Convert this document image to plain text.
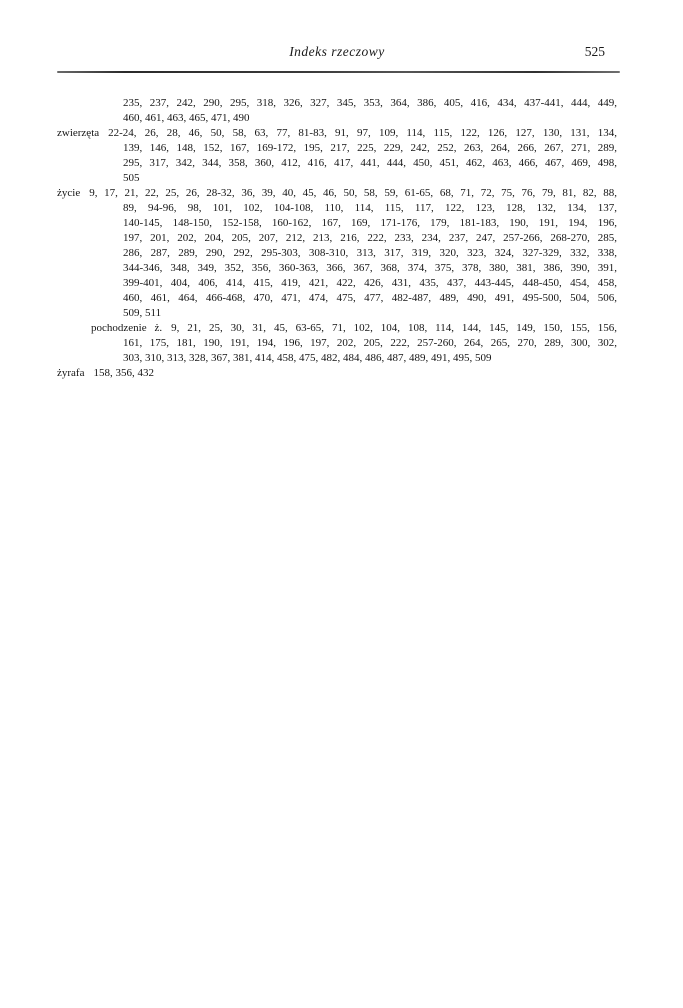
Indeks rzeczowy	525
235, 237, 242, 290, 295, 318, 326, 327, 345, 353, 364, 386, 405, 416, 434, 437-441, 444, 449,
460, 461, 463, 465, 471, 490
zwierzęta 22-24, 26, 28, 46, 50, 58, 63, 77, 81-83, 91, 97, 109, 114, 115, 122, 126, 127, 130, 131, 134,
139, 146, 148, 152, 167, 169-172, 195, 217, 225, 229, 242, 252, 263, 264, 266, 267, 271, 289,
295, 317, 342, 344, 358, 360, 412, 416, 417, 441, 444, 450, 451, 462, 463, 466, 467, 469, 498,
505
życie 9, 17, 21, 22, 25, 26, 28-32, 36, 39, 40, 45, 46, 50, 58, 59, 61-65, 68, 71, 72, 75, 76, 79, 81, 82, 88,
89, 94-96, 98, 101, 102, 104-108, 110, 114, 115, 117, 122, 123, 128, 132, 134, 137,
140-145, 148-150, 152-158, 160-162, 167, 169, 171-176, 179, 181-183, 190, 191, 194, 196,
197, 201, 202, 204, 205, 207, 212, 213, 216, 222, 233, 234, 237, 247, 257-266, 268-270, 285,
286, 287, 289, 290, 292, 295-303, 308-310, 313, 317, 319, 320, 323, 324, 327-329, 332, 338,
344-346, 348, 349, 352, 356, 360-363, 366, 367, 368, 374, 375, 378, 380, 381, 386, 390, 391,
399-401, 404, 406, 414, 415, 419, 421, 422, 426, 431, 435, 437, 443-445, 448-450, 454, 458,
460, 461, 464, 466-468, 470, 471, 474, 475, 477, 482-487, 489, 490, 491, 495-500, 504, 506,
509, 511
pochodzenie ż. 9, 21, 25, 30, 31, 45, 63-65, 71, 102, 104, 108, 114, 144, 145, 149, 150, 155, 156,
161, 175, 181, 190, 191, 194, 196, 197, 202, 205, 222, 257-260, 264, 265, 270, 289, 300, 302,
303, 310, 313, 328, 367, 381, 414, 458, 475, 482, 484, 486, 487, 489, 491, 495, 509
żyrafa 158, 356, 432
